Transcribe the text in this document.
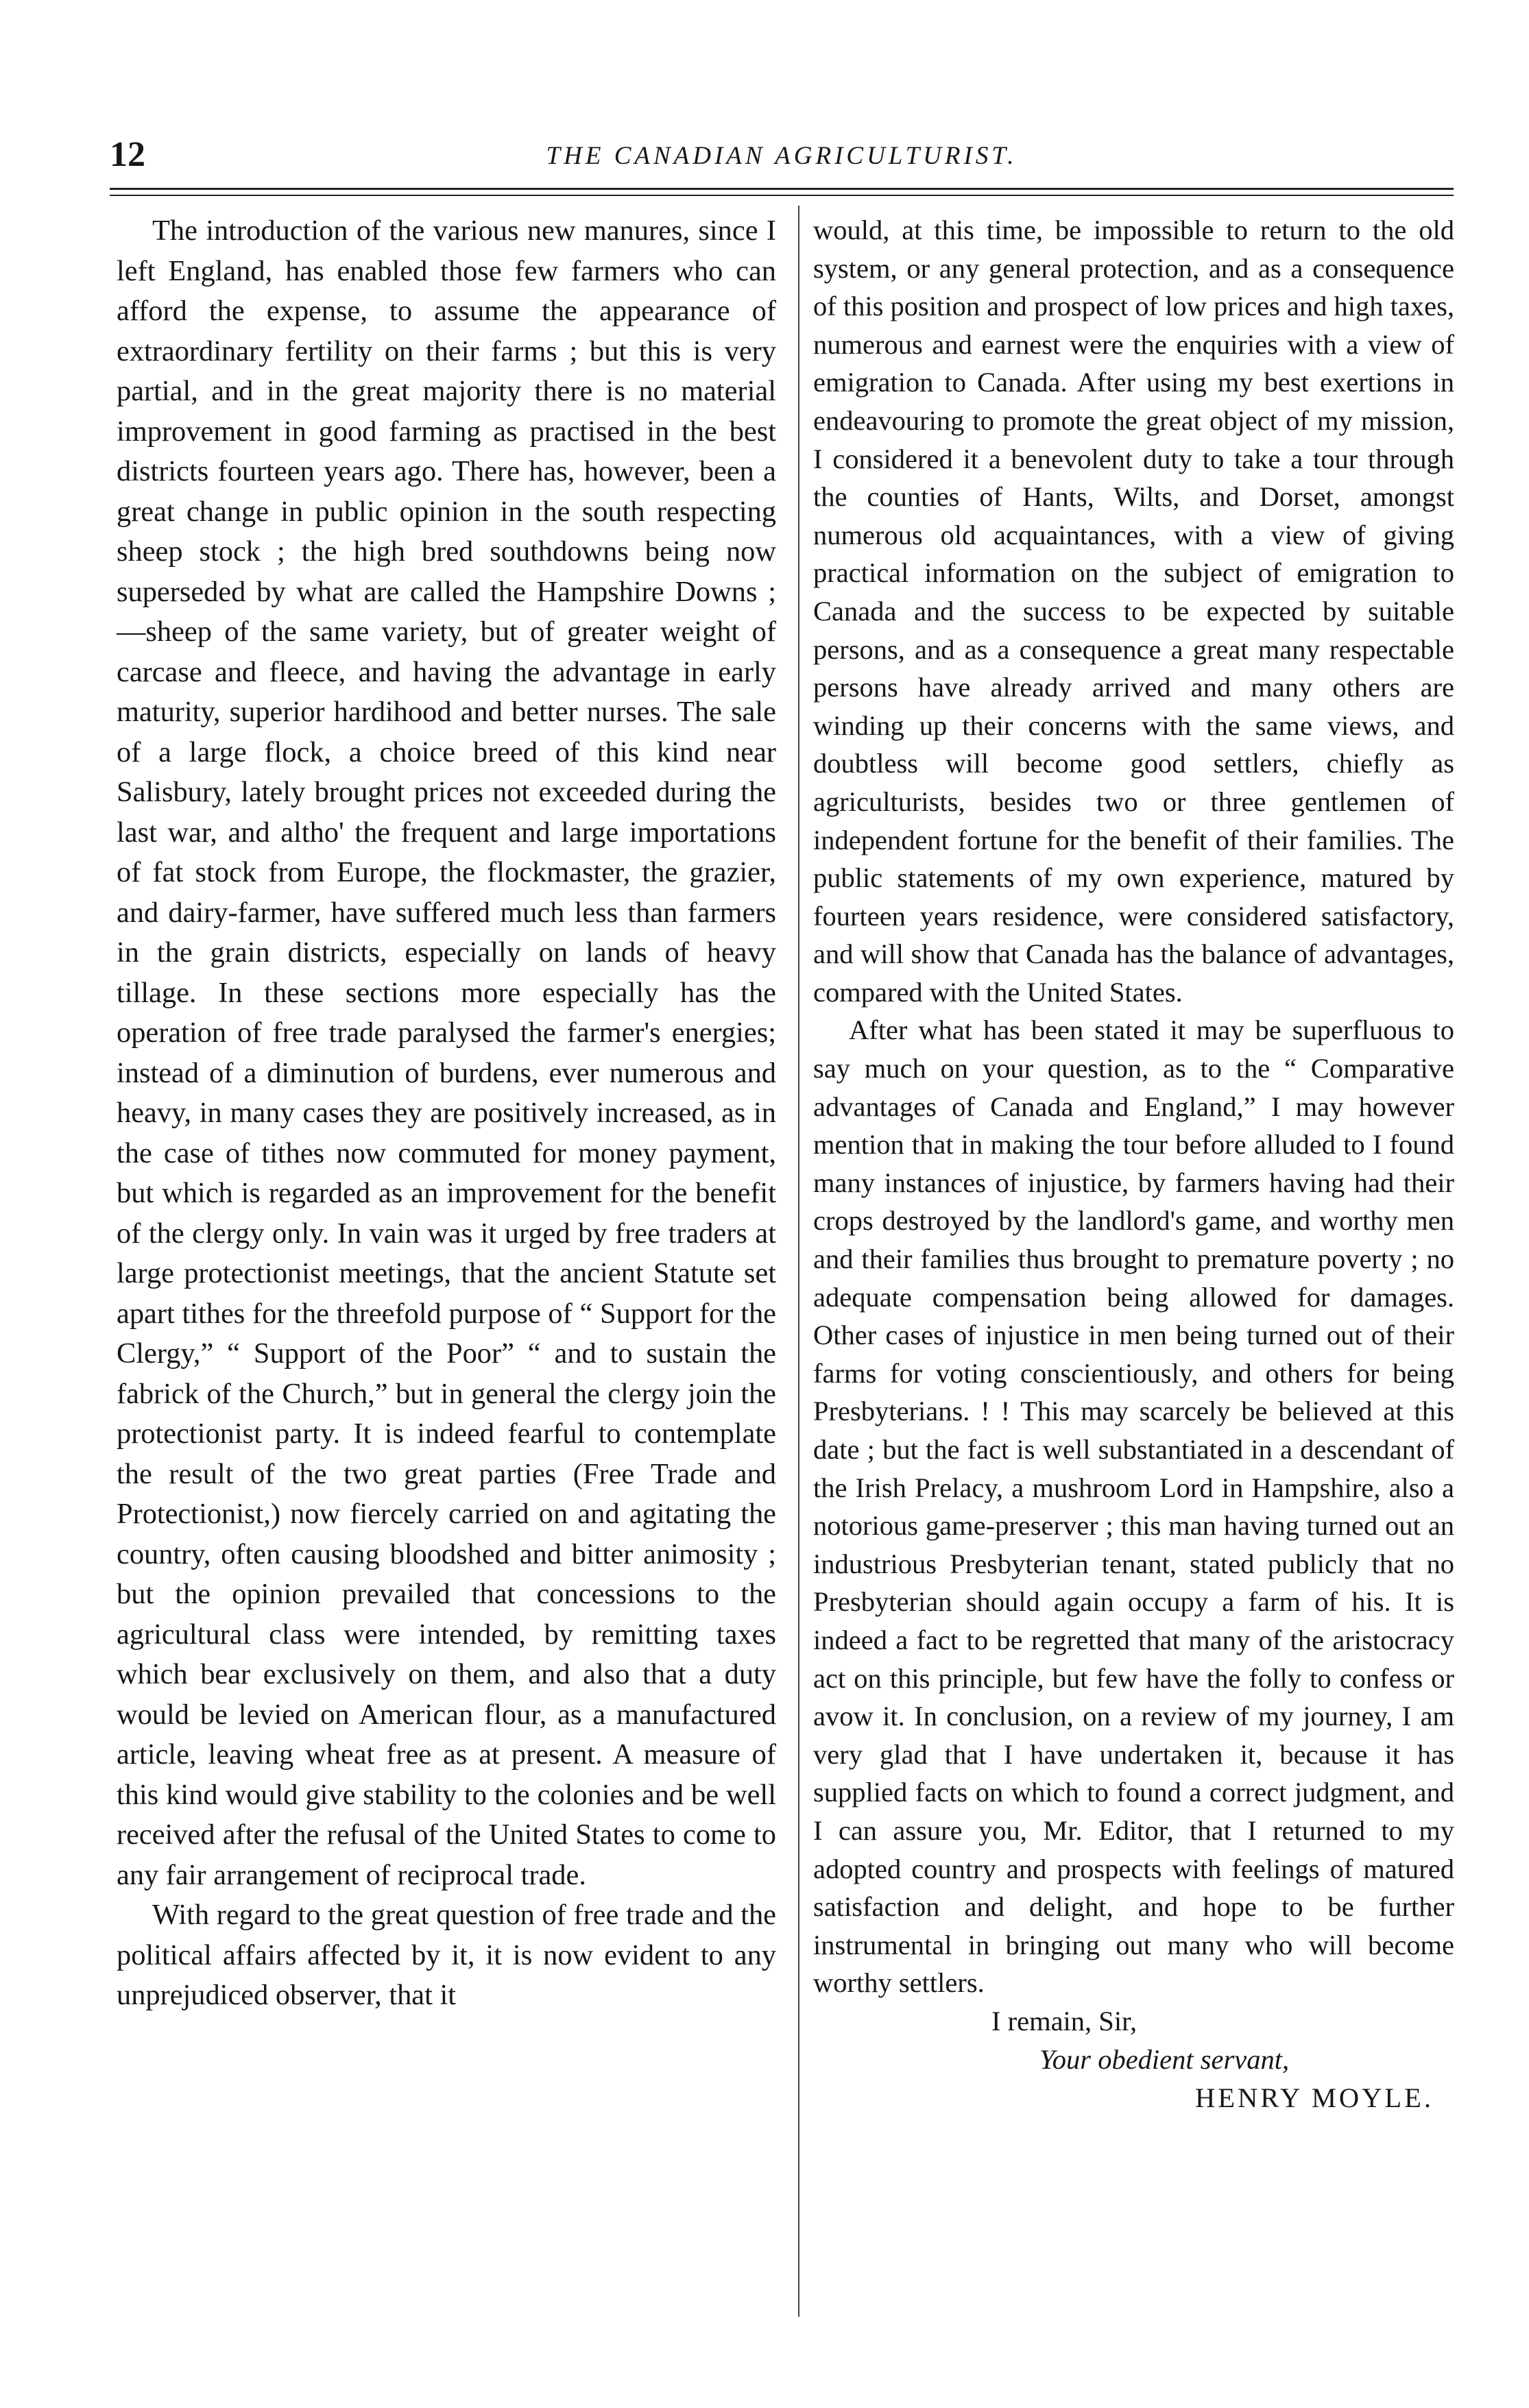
12	THE CANADIAN AGRICULTURIST.

The introduction of the various new manures, since I left England, has enabled those few farmers who can afford the expense, to assume the appearance of extraordinary fertility on their farms ; but this is very partial, and in the great majority there is no material improvement in good farming as practised in the best districts fourteen years ago. There has, however, been a great change in public opinion in the south respecting sheep stock ; the high bred southdowns being now superseded by what are called the Hampshire Downs ;—sheep of the same variety, but of greater weight of carcase and fleece, and having the advantage in early maturity, superior hardihood and better nurses. The sale of a large flock, a choice breed of this kind near Salisbury, lately brought prices not exceeded during the last war, and altho' the frequent and large importations of fat stock from Europe, the flockmaster, the grazier, and dairy-farmer, have suffered much less than farmers in the grain districts, especially on lands of heavy tillage. In these sections more especially has the operation of free trade paralysed the farmer's energies; instead of a diminution of burdens, ever numerous and heavy, in many cases they are positively increased, as in the case of tithes now commuted for money payment, but which is regarded as an improvement for the benefit of the clergy only. In vain was it urged by free traders at large protectionist meetings, that the ancient Statute set apart tithes for the threefold purpose of “ Support for the Clergy,” “ Support of the Poor” “ and to sustain the fabrick of the Church,” but in general the clergy join the protectionist party. It is indeed fearful to contemplate the result of the two great parties (Free Trade and Protectionist,) now fiercely carried on and agitating the country, often causing bloodshed and bitter animosity ; but the opinion prevailed that concessions to the agricultural class were intended, by remitting taxes which bear exclusively on them, and also that a duty would be levied on American flour, as a manufactured article, leaving wheat free as at present. A measure of this kind would give stability to the colonies and be well received after the refusal of the United States to come to any fair arrangement of reciprocal trade.

With regard to the great question of free trade and the political affairs affected by it, it is now evident to any unprejudiced observer, that it

would, at this time, be impossible to return to the old system, or any general protection, and as a consequence of this position and prospect of low prices and high taxes, numerous and earnest were the enquiries with a view of emigration to Canada. After using my best exertions in endeavouring to promote the great object of my mission, I considered it a benevolent duty to take a tour through the counties of Hants, Wilts, and Dorset, amongst numerous old acquaintances, with a view of giving practical information on the subject of emigration to Canada and the success to be expected by suitable persons, and as a consequence a great many respectable persons have already arrived and many others are winding up their concerns with the same views, and doubtless will become good settlers, chiefly as agriculturists, besides two or three gentlemen of independent fortune for the benefit of their families. The public statements of my own experience, matured by fourteen years residence, were considered satisfactory, and will show that Canada has the balance of advantages, compared with the United States.

After what has been stated it may be superfluous to say much on your question, as to the “ Comparative advantages of Canada and England,” I may however mention that in making the tour before alluded to I found many instances of injustice, by farmers having had their crops destroyed by the landlord's game, and worthy men and their families thus brought to premature poverty ; no adequate compensation being allowed for damages. Other cases of injustice in men being turned out of their farms for voting conscientiously, and others for being Presbyterians. ! ! This may scarcely be believed at this date ; but the fact is well substantiated in a descendant of the Irish Prelacy, a mushroom Lord in Hampshire, also a notorious game-preserver ; this man having turned out an industrious Presbyterian tenant, stated publicly that no Presbyterian should again occupy a farm of his. It is indeed a fact to be regretted that many of the aristocracy act on this principle, but few have the folly to confess or avow it. In conclusion, on a review of my journey, I am very glad that I have undertaken it, because it has supplied facts on which to found a correct judgment, and I can assure you, Mr. Editor, that I returned to my adopted country and prospects with feelings of matured satisfaction and delight, and hope to be further instrumental in bringing out many who will become worthy settlers.

I remain, Sir,
Your obedient servant,
HENRY MOYLE.
